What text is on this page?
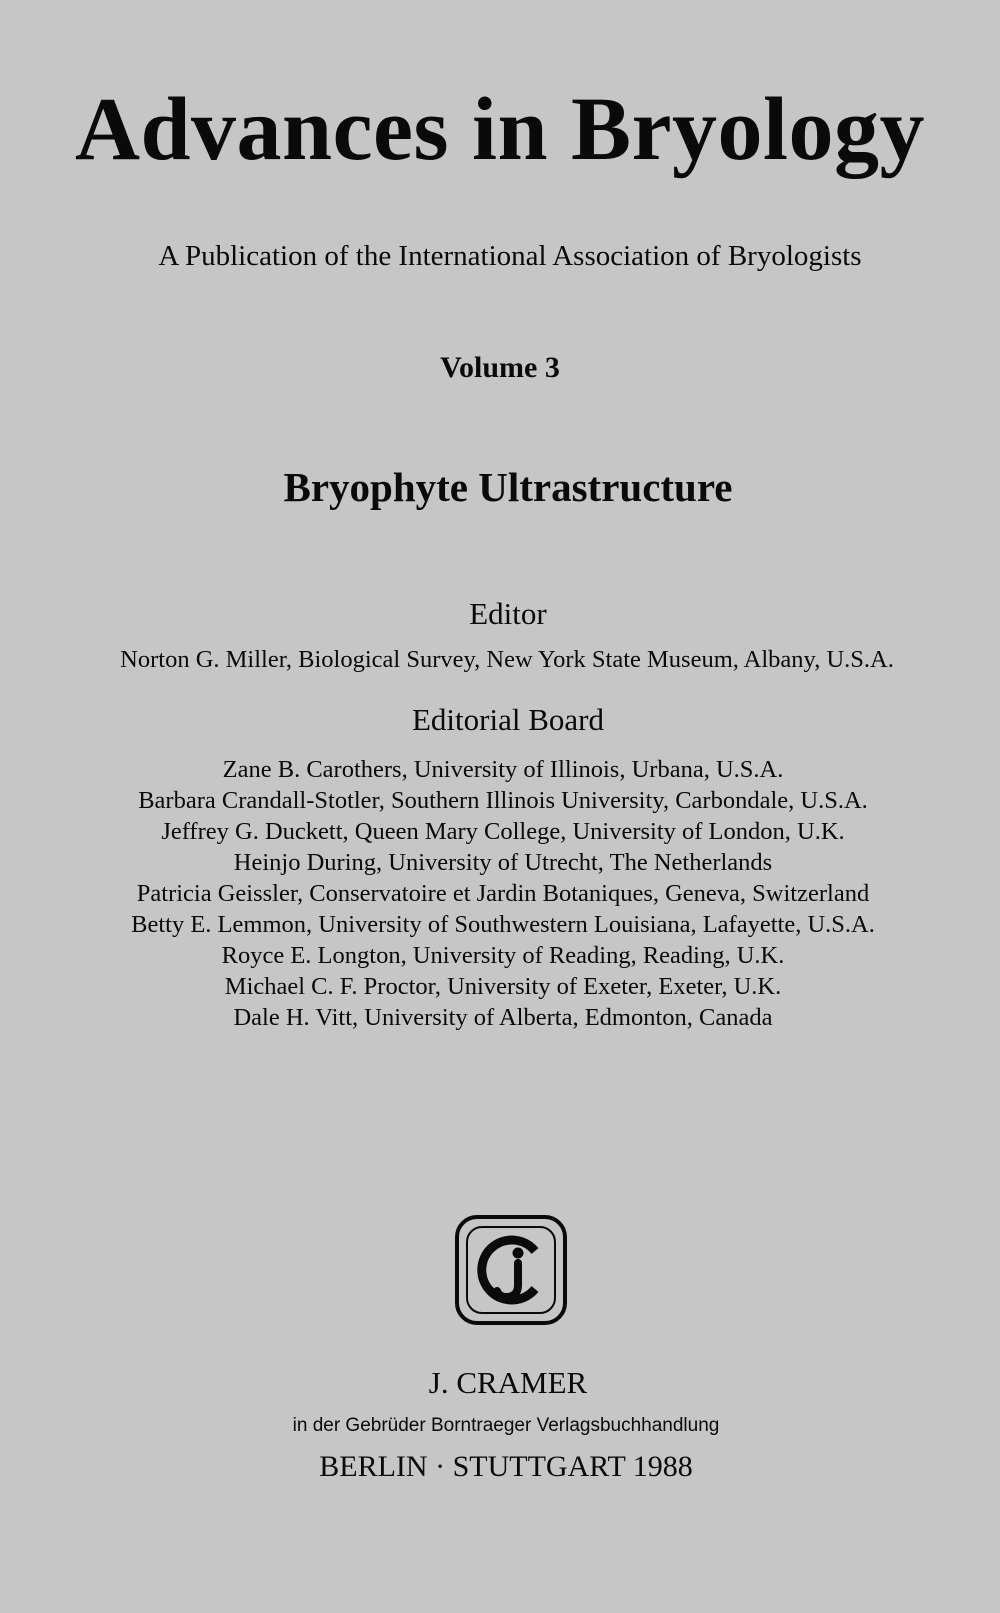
Advances in Bryology
A Publication of the International Association of Bryologists
Volume 3
Bryophyte Ultrastructure
Editor
Norton G. Miller, Biological Survey, New York State Museum, Albany, U.S.A.
Editorial Board
Zane B. Carothers, University of Illinois, Urbana, U.S.A.
Barbara Crandall-Stotler, Southern Illinois University, Carbondale, U.S.A.
Jeffrey G. Duckett, Queen Mary College, University of London, U.K.
Heinjo During, University of Utrecht, The Netherlands
Patricia Geissler, Conservatoire et Jardin Botaniques, Geneva, Switzerland
Betty E. Lemmon, University of Southwestern Louisiana, Lafayette, U.S.A.
Royce E. Longton, University of Reading, Reading, U.K.
Michael C. F. Proctor, University of Exeter, Exeter, U.K.
Dale H. Vitt, University of Alberta, Edmonton, Canada
J. CRAMER
in der Gebrüder Borntraeger Verlagsbuchhandlung
BERLIN · STUTTGART 1988
